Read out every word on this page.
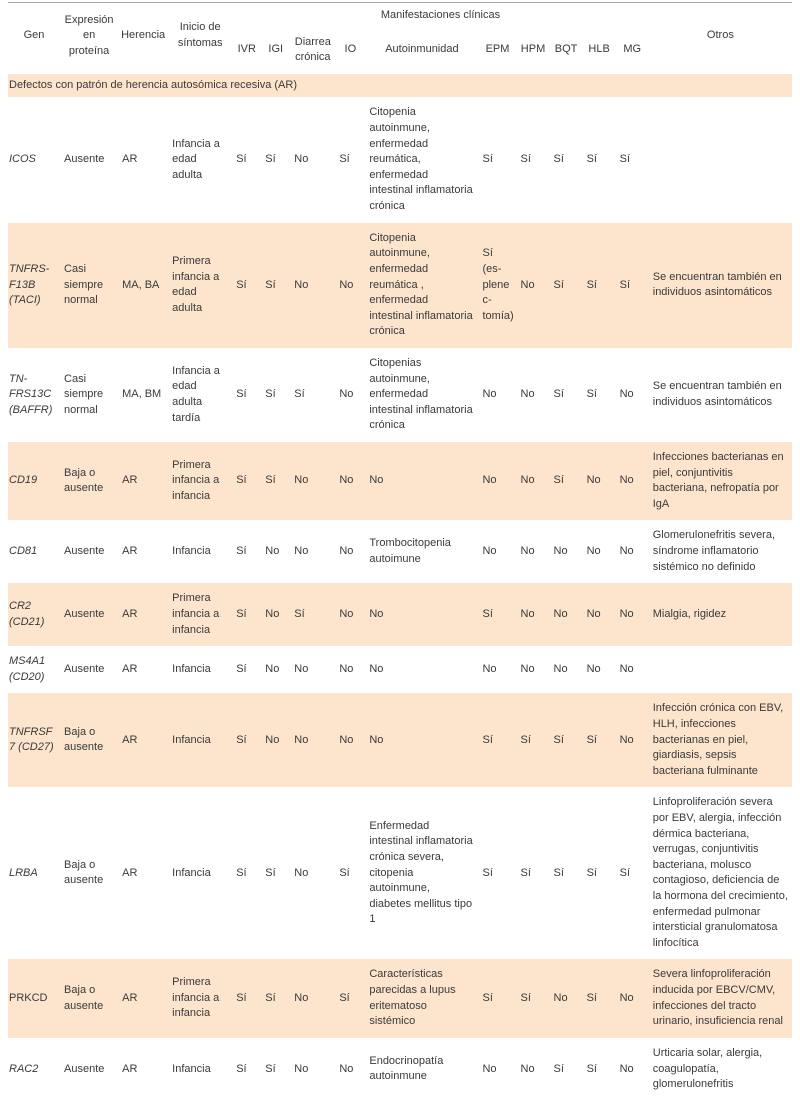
Gen	Expresión en proteína	Herencia	Inicio de síntomas	Manifestaciones clínicas										Otros
				IVR	IGI	Diarrea crónica	IO	Autoinmunidad	EPM	HPM	BQT	HLB	MG	
Defectos con patrón de herencia autosómica recesiva (AR)														
ICOS	Ausente	AR	Infancia a edad adulta	Sí	Sí	No	Sí	Citopenia autoinmune, enfermedad reumática, enfermedad intestinal inflamatoria crónica	Sí	Sí	Sí	Sí	Sí	
TNFRS-F13B (TACI)	Casi siempre normal	MA, BA	Primera infancia a edad adulta	Sí	Sí	No	No	Citopenia autoinmune, enfermedad reumática , enfermedad intestinal inflamatoria crónica	Sí (es-plenec-tomía)	No	Sí	Sí	Sí	Se encuentran también en individuos asintomáticos
TN-FRS13C (BAFFR)	Casi siempre normal	MA, BM	Infancia a edad adulta tardía	Sí	Sí	Sí	No	Citopenias autoinmune, enfermedad intestinal inflamatoria crónica	No	No	Sí	Sí	No	Se encuentran también en individuos asintomáticos
CD19	Baja o ausente	AR	Primera infancia a infancia	Sí	Sí	No	No	No	No	No	Sí	No	No	Infecciones bacterianas en piel, conjuntivitis bacteriana, nefropatía por IgA
CD81	Ausente	AR	Infancia	Sí	No	No	No	Trombocitopenia autoimune	No	No	No	No	No	Glomerulonefritis severa, síndrome inflamatorio sistémico no definido
CR2 (CD21)	Ausente	AR	Primera infancia a infancia	Sí	No	Sí	No	No	Sí	No	No	No	No	Mialgia, rigidez
MS4A1 (CD20)	Ausente	AR	Infancia	Sí	No	No	No	No	No	No	No	No	No	
TNFRSF7 (CD27)	Baja o ausente	AR	Infancia	Sí	No	No	No	No	Sí	Sí	Sí	Sí	No	Infección crónica con EBV, HLH, infecciones bacterianas en piel, giardiasis, sepsis bacteriana fulminante
LRBA	Baja o ausente	AR	Infancia	Sí	Sí	No	Sí	Enfermedad intestinal inflamatoria crónica severa, citopenia autoinmune, diabetes mellitus tipo 1	Sí	Sí	Sí	Sí	Sí	Linfoproliferación severa por EBV, alergia, infección dérmica bacteriana, verrugas, conjuntivitis bacteriana, molusco contagioso, deficiencia de la hormona del crecimiento, enfermedad pulmonar intersticial granulomatosa linfocítica
PRKCD	Baja o ausente	AR	Primera infancia a infancia	Sí	Sí	No	Sí	Características parecidas a lupus eritematoso sistémico	Sí	Sí	No	Sí	No	Severa linfoproliferación inducida por EBCV/CMV, infecciones del tracto urinario, insuficiencia renal
RAC2	Ausente	AR	Infancia	Sí	Sí	No	No	Endocrinopatía autoinmune	No	No	Sí	Sí	No	Urticaria solar, alergia, coagulopatía, glomerulonefritis
